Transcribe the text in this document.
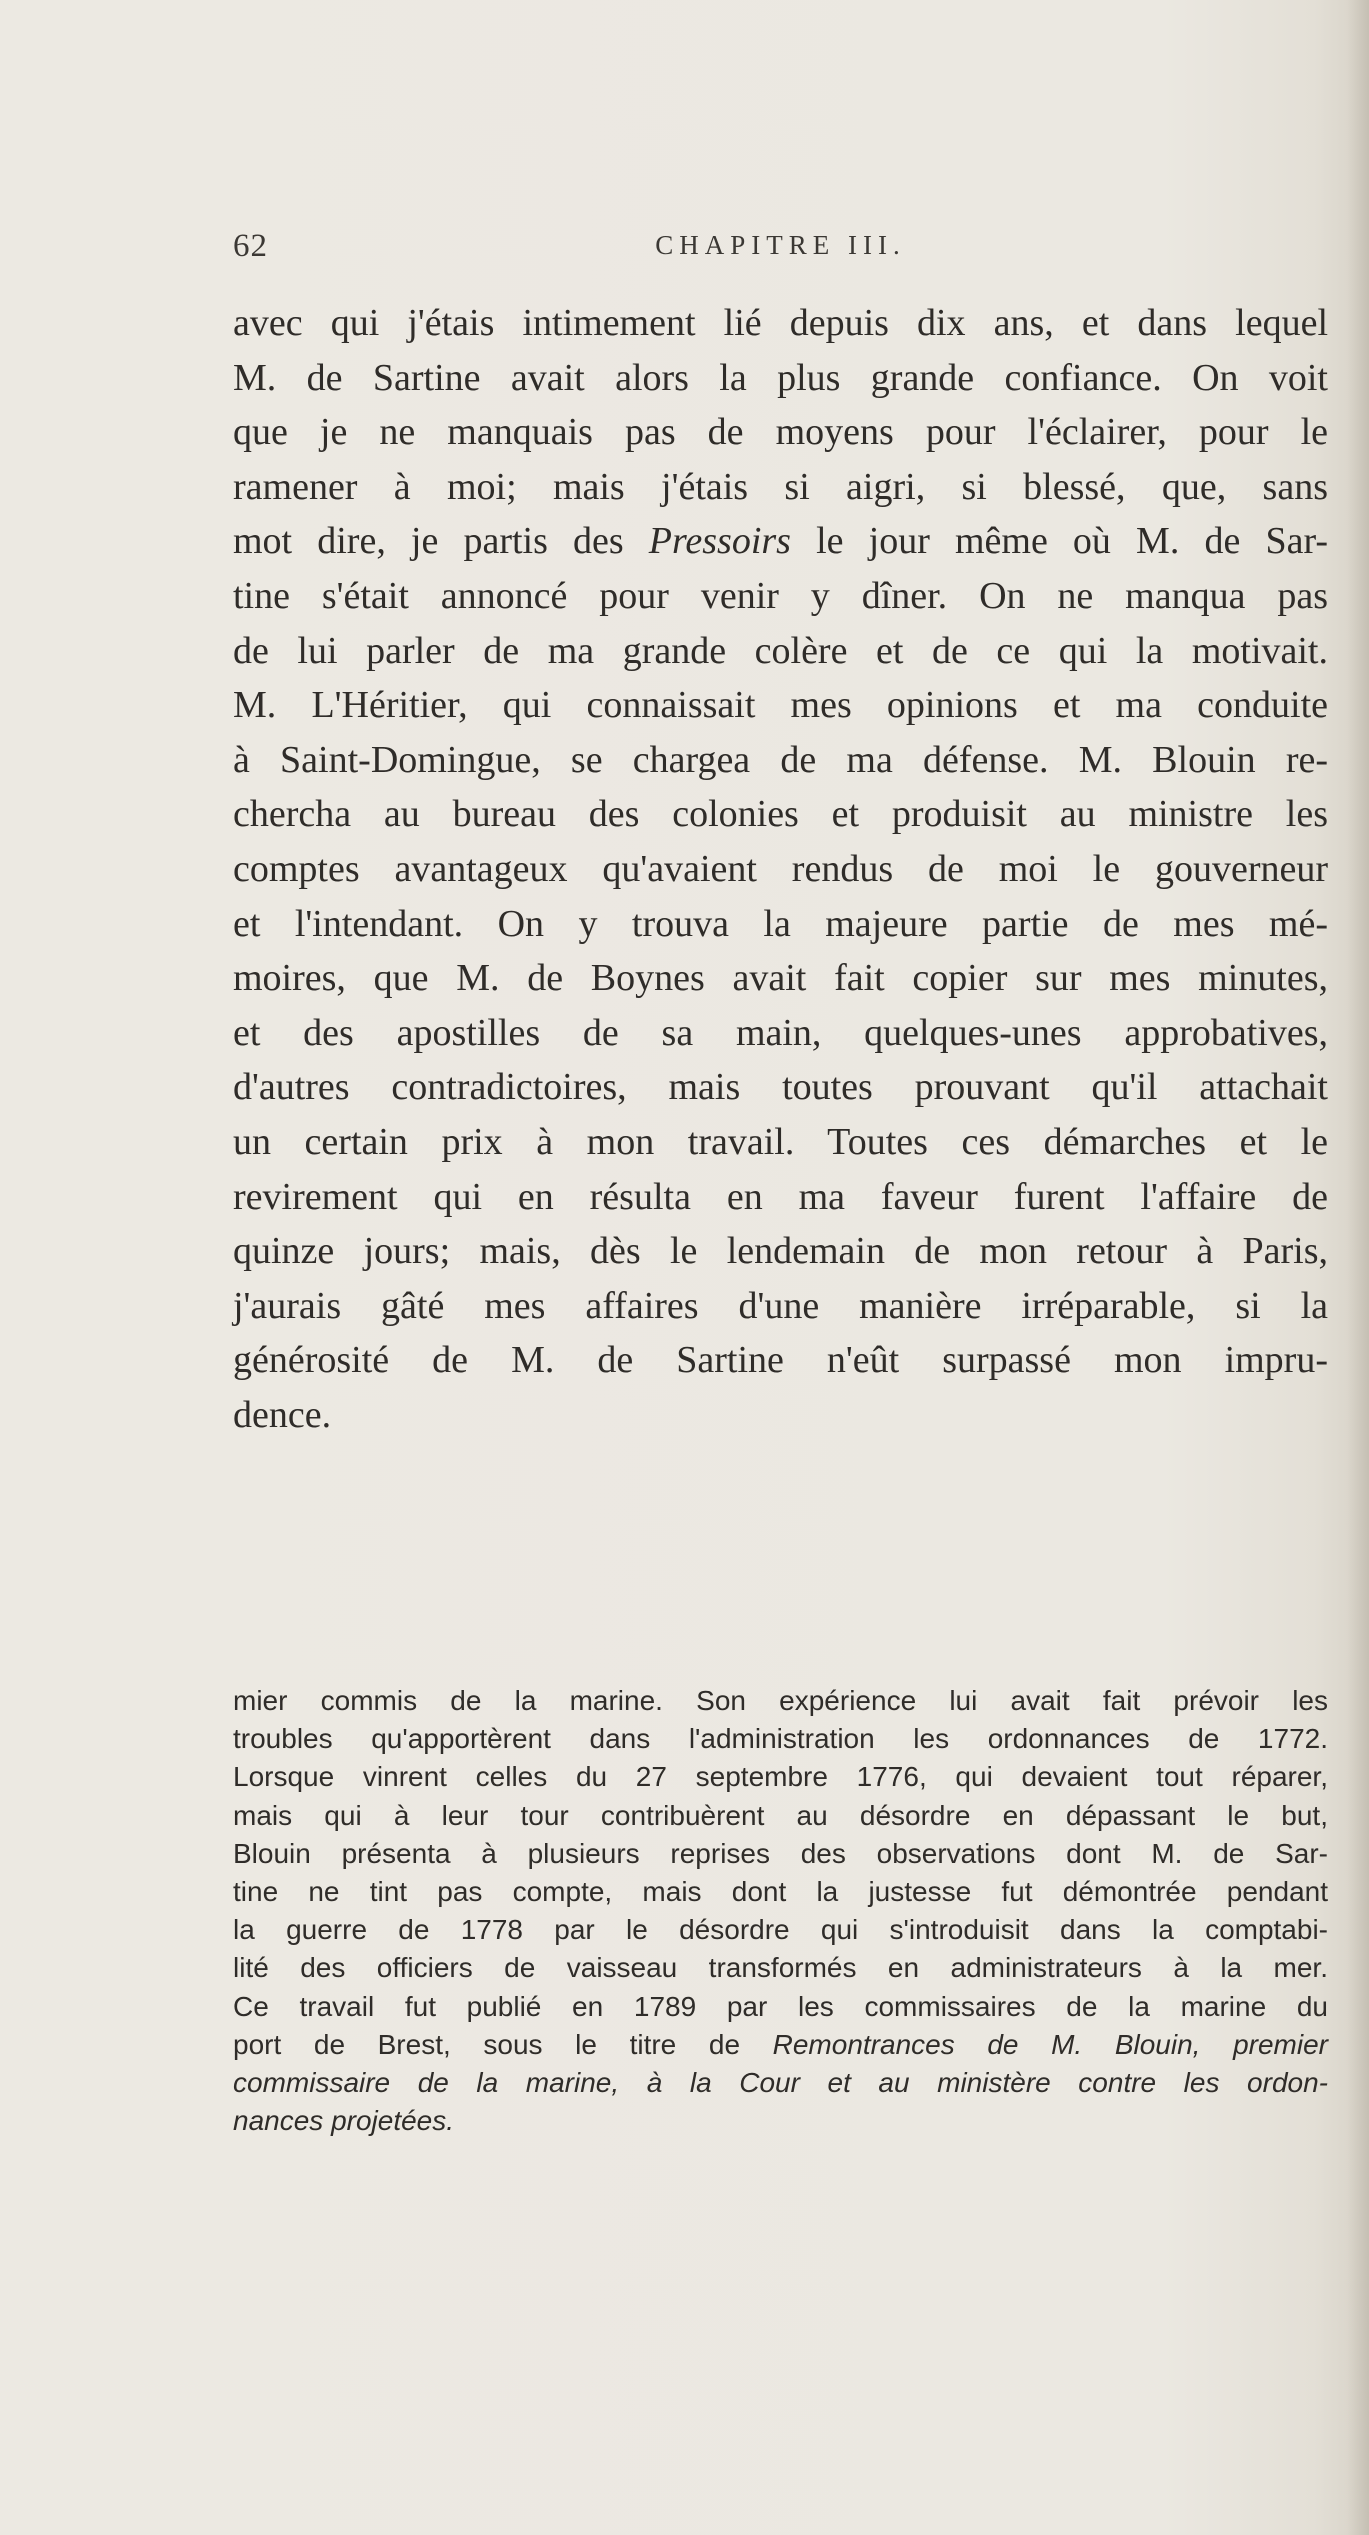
62	CHAPITRE III.
avec qui j'étais intimement lié depuis dix ans, et dans lequel
M. de Sartine avait alors la plus grande confiance. On voit
que je ne manquais pas de moyens pour l'éclairer, pour le
ramener à moi; mais j'étais si aigri, si blessé, que, sans
mot dire, je partis des Pressoirs le jour même où M. de Sar-
tine s'était annoncé pour venir y dîner. On ne manqua pas
de lui parler de ma grande colère et de ce qui la motivait.
M. L'Héritier, qui connaissait mes opinions et ma conduite
à Saint-Domingue, se chargea de ma défense. M. Blouin re-
chercha au bureau des colonies et produisit au ministre les
comptes avantageux qu'avaient rendus de moi le gouverneur
et l'intendant. On y trouva la majeure partie de mes mé-
moires, que M. de Boynes avait fait copier sur mes minutes,
et des apostilles de sa main, quelques-unes approbatives,
d'autres contradictoires, mais toutes prouvant qu'il attachait
un certain prix à mon travail. Toutes ces démarches et le
revirement qui en résulta en ma faveur furent l'affaire de
quinze jours; mais, dès le lendemain de mon retour à Paris,
j'aurais gâté mes affaires d'une manière irréparable, si la
générosité de M. de Sartine n'eût surpassé mon impru-
dence.
mier commis de la marine. Son expérience lui avait fait prévoir les
troubles qu'apportèrent dans l'administration les ordonnances de 1772.
Lorsque vinrent celles du 27 septembre 1776, qui devaient tout réparer,
mais qui à leur tour contribuèrent au désordre en dépassant le but,
Blouin présenta à plusieurs reprises des observations dont M. de Sar-
tine ne tint pas compte, mais dont la justesse fut démontrée pendant
la guerre de 1778 par le désordre qui s'introduisit dans la comptabi-
lité des officiers de vaisseau transformés en administrateurs à la mer.
Ce travail fut publié en 1789 par les commissaires de la marine du
port de Brest, sous le titre de Remontrances de M. Blouin, premier
commissaire de la marine, à la Cour et au ministère contre les ordon-
nances projetées.
